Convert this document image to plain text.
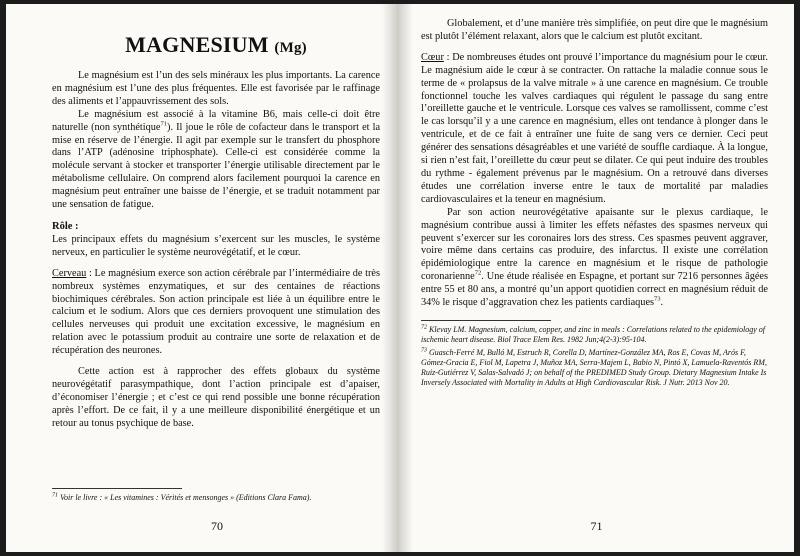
MAGNESIUM (Mg)

Le magnésium est l’un des sels minéraux les plus importants. La carence en magnésium est l’une des plus fréquentes. Elle est favorisée par le raffinage des aliments et l’appauvrissement des sols.

Le magnésium est associé à la vitamine B6, mais celle-ci doit être naturelle (non synthétique$^{71}$). Il joue le rôle de cofacteur dans le transport et la mise en réserve de l’énergie. Il agit par exemple sur le transfert du phosphore dans l’ATP (adénosine triphosphate). Celle-ci est considérée comme la molécule servant à stocker et transporter l’énergie utilisable directement par le métabolisme cellulaire. On comprend alors facilement pourquoi la carence en magnésium peut entraîner une baisse de l’énergie, et se traduit notamment par une sensation de fatigue.

Rôle :

Les principaux effets du magnésium s’exercent sur les muscles, le système nerveux, en particulier le système neurovégétatif, et le cœur.

Cerveau : Le magnésium exerce son action cérébrale par l’intermédiaire de très nombreux systèmes enzymatiques, et sur des centaines de réactions biochimiques cérébrales. Son action principale est liée à un équilibre entre le calcium et le sodium. Alors que ces derniers provoquent une stimulation des cellules nerveuses qui produit une excitation excessive, le magnésium en relation avec le potassium produit au contraire une sorte de relaxation et de récupération des neurones.

Cette action est à rapprocher des effets globaux du système neurovégétatif parasympathique, dont l’action principale est d’apaiser, d’économiser l’énergie ; et c’est ce qui rend possible une bonne récupération après l’effort. De ce fait, il y a une meilleure disponibilité énergétique et un retour au tonus psychique de base.

$^{71}$ Voir le livre : « Les vitamines : Vérités et mensonges » (Editions Clara Fama).

70

Globalement, et d’une manière très simplifiée, on peut dire que le magnésium est plutôt l’élément relaxant, alors que le calcium est plutôt excitant.

Cœur : De nombreuses études ont prouvé l’importance du magnésium pour le cœur. Le magnésium aide le cœur à se contracter. On rattache la maladie connue sous le terme de « prolapsus de la valve mitrale » à une carence en magnésium. Ce trouble fonctionnel touche les valves cardiaques qui régulent le passage du sang entre l’oreillette gauche et le ventricule. Lorsque ces valves se ramollissent, comme c’est le cas lorsqu’il y a une carence en magnésium, elles ont tendance à plonger dans le ventricule, et de ce fait à entraîner une fuite de sang vers ce dernier. Ceci peut générer des sensations désagréables et une variété de souffle cardiaque. À la longue, si rien n’est fait, l’oreillette du cœur peut se dilater. Ce qui peut induire des troubles du rythme - également prévenus par le magnésium. On a retrouvé dans diverses études une corrélation inverse entre le taux de mortalité par maladies cardiovasculaires et la teneur en magnésium.

Par son action neurovégétative apaisante sur le plexus cardiaque, le magnésium contribue aussi à limiter les effets néfastes des spasmes nerveux qui peuvent s’exercer sur les coronaires lors des stress. Ces spasmes peuvent aggraver, voire même dans certains cas produire, des infarctus. Il existe une corrélation épidémiologique entre la carence en magnésium et le risque de pathologie coronarienne$^{72}$. Une étude réalisée en Espagne, et portant sur 7216 personnes âgées entre 55 et 80 ans, a montré qu’un apport quotidien correct en magnésium réduit de 34% le risque d’aggravation chez les patients cardiaques$^{73}$.

$^{72}$ Klevay LM. Magnesium, calcium, copper, and zinc in meals : Correlations related to the epidemiology of ischemic heart disease. Biol Trace Elem Res. 1982 Jun;4(2-3):95-104.

$^{73}$ Guasch-Ferré M, Bulló M, Estruch R, Corella D, Martínez-González MA, Ros E, Covas M, Arós F, Gómez-Gracia E, Fiol M, Lapetra J, Muñoz MA, Serra-Majem L, Babio N, Pintó X, Lamuela-Raventós RM, Ruiz-Gutiérrez V, Salas-Salvadó J; on behalf of the PREDIMED Study Group. Dietary Magnesium Intake Is Inversely Associated with Mortality in Adults at High Cardiovascular Risk. J Nutr. 2013 Nov 20.

71
